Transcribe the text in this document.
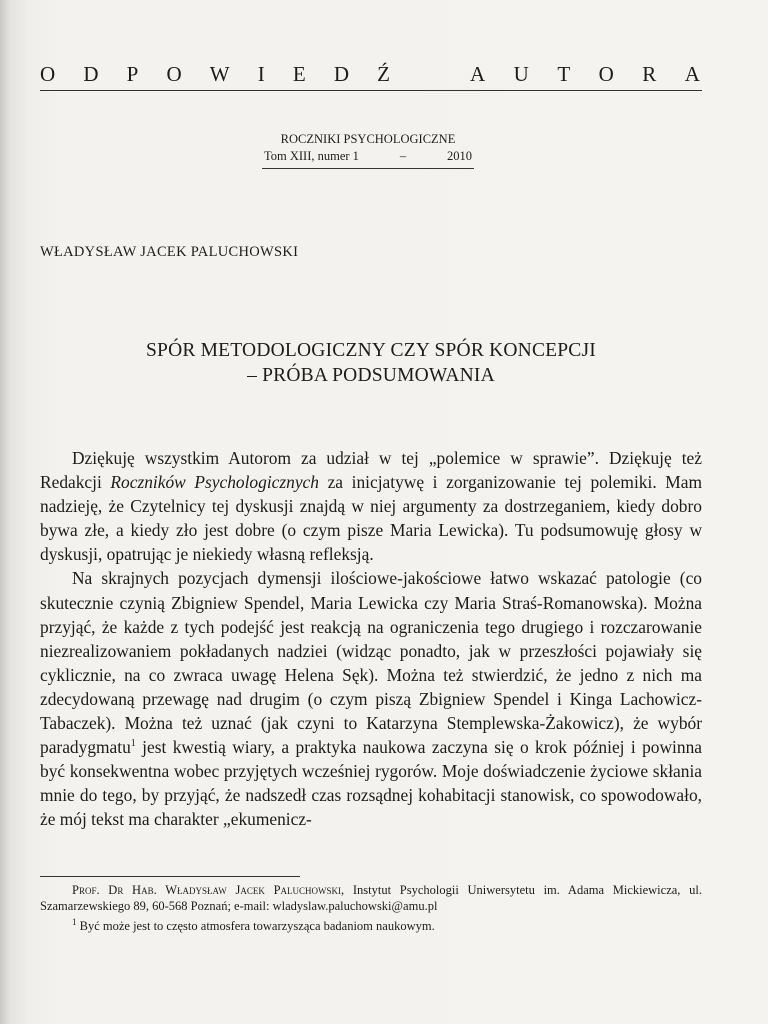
O D P O W I E D Ź	A U T O R A
ROCZNIKI PSYCHOLOGICZNE
Tom XIII, numer 1	–	2010
WŁADYSŁAW JACEK PALUCHOWSKI
SPÓR METODOLOGICZNY CZY SPÓR KONCEPCJI
– PRÓBA PODSUMOWANIA

Dziękuję wszystkim Autorom za udział w tej „polemice w sprawie”. Dziękuję też Redakcji Roczników Psychologicznych za inicjatywę i zorganizowanie tej polemiki. Mam nadzieję, że Czytelnicy tej dyskusji znajdą w niej argumenty za dostrzeganiem, kiedy dobro bywa złe, a kiedy zło jest dobre (o czym pisze Maria Lewicka). Tu podsumowuję głosy w dyskusji, opatrując je niekiedy własną refleksją.

Na skrajnych pozycjach dymensji ilościowe-jakościowe łatwo wskazać patologie (co skutecznie czynią Zbigniew Spendel, Maria Lewicka czy Maria Straś-Romanowska). Można przyjąć, że każde z tych podejść jest reakcją na ograniczenia tego drugiego i rozczarowanie niezrealizowaniem pokładanych nadziei (widząc ponadto, jak w przeszłości pojawiały się cyklicznie, na co zwraca uwagę Helena Sęk). Można też stwierdzić, że jedno z nich ma zdecydowaną przewagę nad drugim (o czym piszą Zbigniew Spendel i Kinga Lachowicz-Tabaczek). Można też uznać (jak czyni to Katarzyna Stemplewska-Żakowicz), że wybór paradygmatu$^1$ jest kwestią wiary, a praktyka naukowa zaczyna się o krok później i powinna być konsekwentna wobec przyjętych wcześniej rygorów. Moje doświadczenie życiowe skłania mnie do tego, by przyjąć, że nadszedł czas rozsądnej kohabitacji stanowisk, co spowodowało, że mój tekst ma charakter „ekumenicz-

Prof. Dr Hab. Władysław Jacek Paluchowski, Instytut Psychologii Uniwersytetu im. Adama Mickiewicza, ul. Szamarzewskiego 89, 60-568 Poznań; e-mail: wladyslaw.paluchowski@amu.pl

$^1$ Być może jest to często atmosfera towarzysząca badaniom naukowym.
